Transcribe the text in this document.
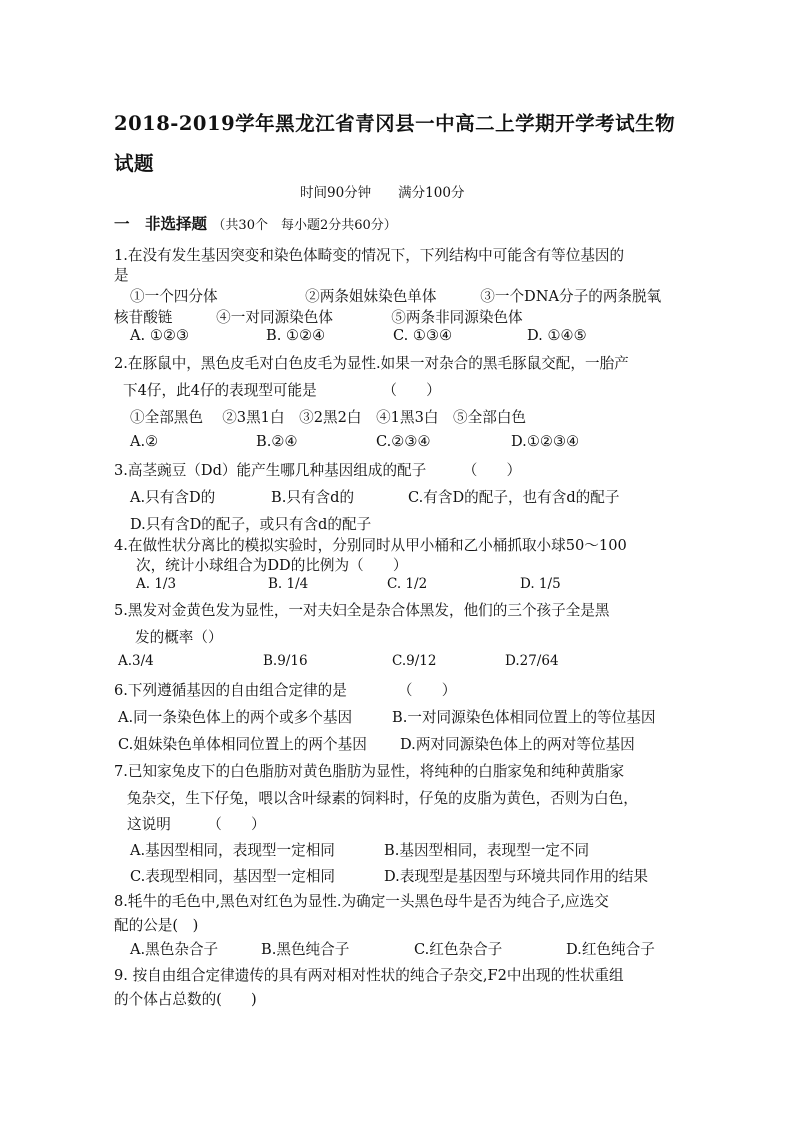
2018-2019学年黑龙江省青冈县一中高二上学期开学考试生物试题
时间90分钟　　满分100分
一　非选择题 （共30个　每小题2分共60分）
1.在没有发生基因突变和染色体畸变的情况下，下列结构中可能含有等位基因的
是
①一个四分体　　　　　　②两条姐妹染色单体　　　③一个DNA分子的两条脱氧
核苷酸链　　　④一对同源染色体　　　　⑤两条非同源染色体
A. ①②③	B. ①②④	C. ①③④	D. ①④⑤
2.在豚鼠中，黑色皮毛对白色皮毛为显性.如果一对杂合的黑毛豚鼠交配，一胎产
下4仔，此4仔的表现型可能是　　　　　（　　）
①全部黑色　 ②3黑1白　③2黑2白　④1黑3白　⑤全部白色
A.②	B.②④	C.②③④	D.①②③④
3.高茎豌豆（Dd）能产生哪几种基因组成的配子　　　（　　）
A.只有含D的	B.只有含d的	C.有含D的配子，也有含d的配子
D.只有含D的配子，或只有含d的配子
4.在做性状分离比的模拟实验时，分别同时从甲小桶和乙小桶抓取小球50～100
次，统计小球组合为DD的比例为（　　）
A. 1/3	B. 1/4	C. 1/2	D. 1/5
5.黑发对金黄色发为显性，一对夫妇全是杂合体黑发，他们的三个孩子全是黑
发的概率（）
A.3/4	B.9/16	C.9/12	D.27/64
6.下列遵循基因的自由组合定律的是　　　　（　　）
A.同一条染色体上的两个或多个基因	B.一对同源染色体相同位置上的等位基因
C.姐妹染色单体相同位置上的两个基因 D.两对同源染色体上的两对等位基因
7.已知家兔皮下的白色脂肪对黄色脂肪为显性，将纯种的白脂家兔和纯种黄脂家
兔杂交，生下仔兔，喂以含叶绿素的饲料时，仔兔的皮脂为黄色，否则为白色，
这说明　　　（　　）
A.基因型相同，表现型一定相同	B.基因型相同，表现型一定不同
C.表现型相同，基因型一定相同	D.表现型是基因型与环境共同作用的结果
8.牦牛的毛色中,黑色对红色为显性.为确定一头黑色母牛是否为纯合子,应选交
配的公是(　)
A.黑色杂合子	B.黑色纯合子	C.红色杂合子	D.红色纯合子
9. 按自由组合定律遗传的具有两对相对性状的纯合子杂交,F2中出现的性状重组
的个体占总数的(　　)
